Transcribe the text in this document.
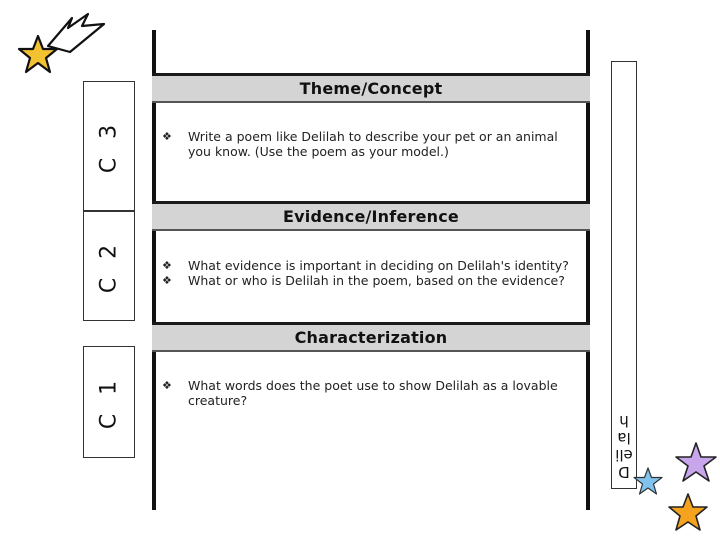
C 3
Theme/Concept
❖	Write a poem like Delilah to describe your pet or an animal you know. (Use the poem as your model.)
Evidence/Inference
C 2	❖	What evidence is important in deciding on Delilah's identity?
❖	What or who is Delilah in the poem, based on the evidence?
Characterization
C 1	❖	What words does the poet use to show Delilah as a lovable creature?
D
eli
la
h
